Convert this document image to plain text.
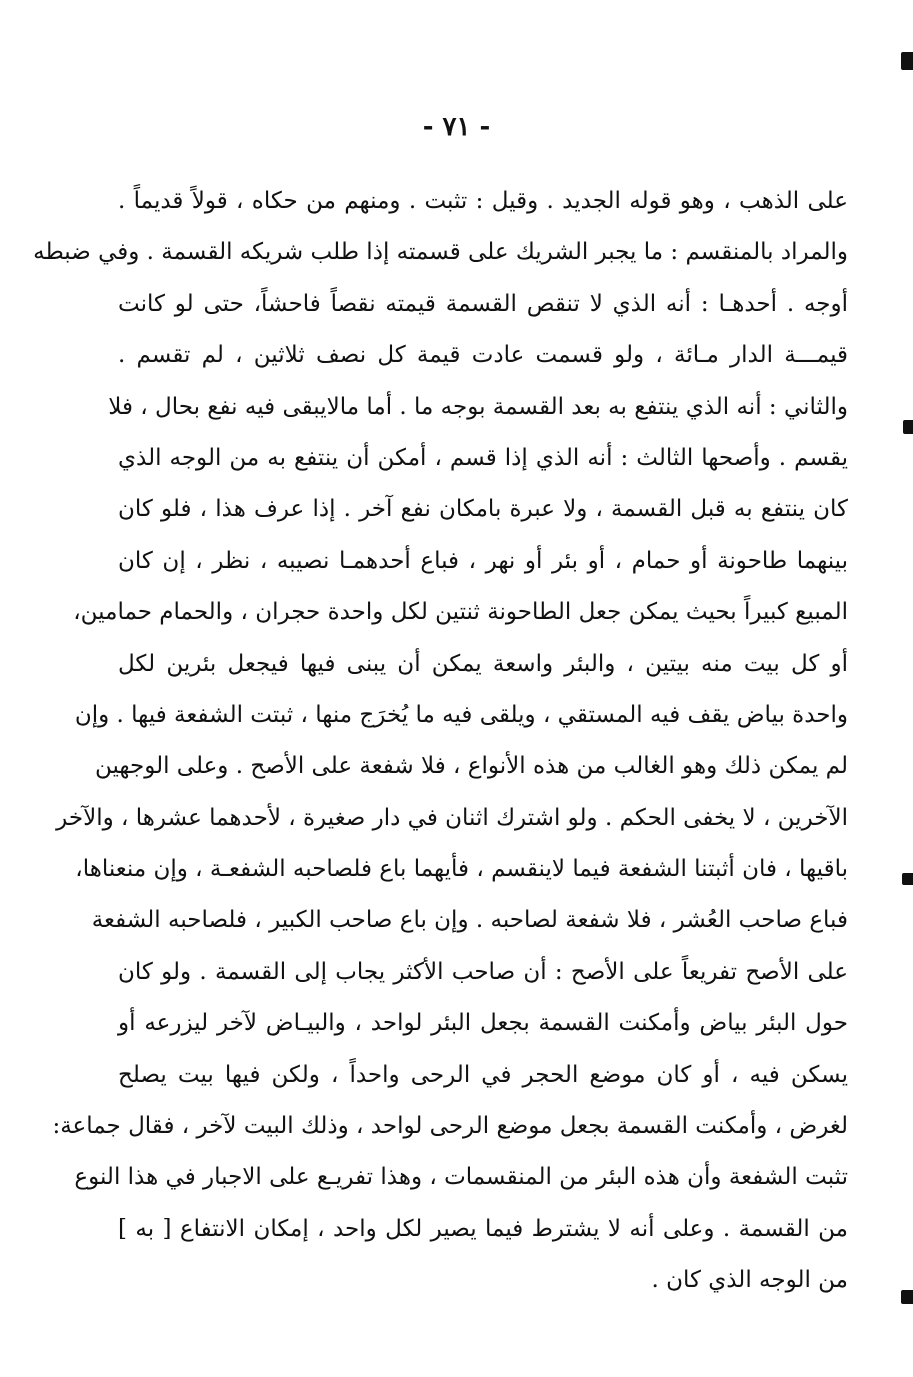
- ٧١ -
على الذهب ، وهو قوله الجديد . وقيل : تثبت . ومنهم من حكاه ، قولاً قديماً .
والمراد بالمنقسم : ما يجبر الشريك على قسمته إذا طلب شريكه القسمة . وفي ضبطه
أوجه . أحدهـا : أنه الذي لا تنقص القسمة قيمته نقصاً فاحشاً، حتى لو كانت
قيمـــة الدار مـائة ، ولو قسمت عادت قيمة كل نصف ثلاثين ، لم تقسم .
والثاني : أنه الذي ينتفع به بعد القسمة بوجه ما . أما مالايبقى فيه نفع بحال ، فلا
يقسم . وأصحها الثالث : أنه الذي إذا قسم ، أمكن أن ينتفع به من الوجه الذي
كان ينتفع به قبل القسمة ، ولا عبرة بامكان نفع آخر . إذا عرف هذا ، فلو كان
بينهما طاحونة أو حمام ، أو بئر أو نهر ، فباع أحدهمـا نصيبه ، نظر ، إن كان
المبيع كبيراً بحيث يمكن جعل الطاحونة ثنتين لكل واحدة حجران ، والحمام حمامين،
أو كل بيت منه بيتين ، والبئر واسعة يمكن أن يبنى فيها فيجعل بئرين لكل
واحدة بياض يقف فيه المستقي ، ويلقى فيه ما يُخرَج منها ، ثبتت الشفعة فيها . وإن
لم يمكن ذلك وهو الغالب من هذه الأنواع ، فلا شفعة على الأصح . وعلى الوجهين
الآخرين ، لا يخفى الحكم . ولو اشترك اثنان في دار صغيرة ، لأحدهما عشرها ، والآخر
باقيها ، فان أثبتنا الشفعة فيما لاينقسم ، فأيهما باع فلصاحبه الشفعـة ، وإن منعناها،
فباع صاحب العُشر ، فلا شفعة لصاحبه . وإن باع صاحب الكبير ، فلصاحبه الشفعة
على الأصح تفريعاً على الأصح : أن صاحب الأكثر يجاب إلى القسمة . ولو كان
حول البئر بياض وأمكنت القسمة بجعل البئر لواحد ، والبيـاض لآخر ليزرعه أو
يسكن فيه ، أو كان موضع الحجر في الرحى واحداً ، ولكن فيها بيت يصلح
لغرض ، وأمكنت القسمة بجعل موضع الرحى لواحد ، وذلك البيت لآخر ، فقال جماعة:
تثبت الشفعة وأن هذه البئر من المنقسمات ، وهذا تفريـع على الاجبار في هذا النوع
من القسمة . وعلى أنه لا يشترط فيما يصير لكل واحد ، إمكان الانتفاع [ به ]
من الوجه الذي كان .
